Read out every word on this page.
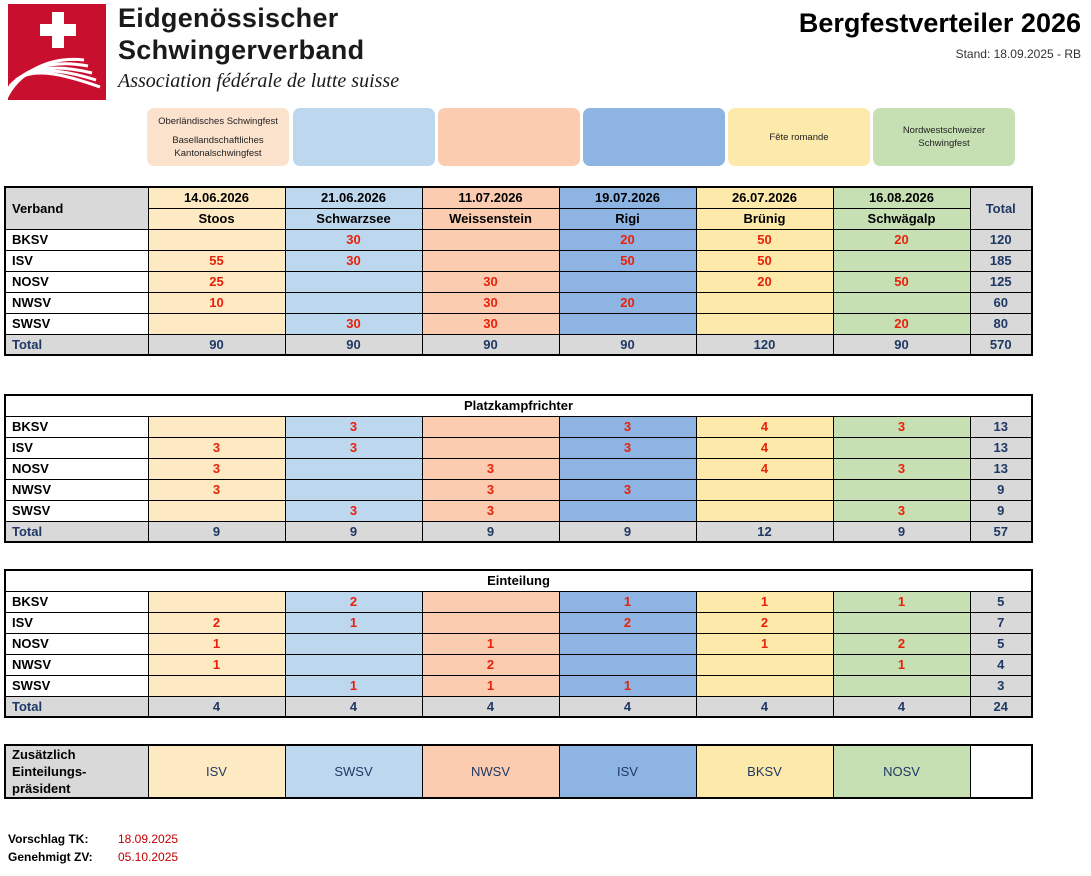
Eidgenössischer
Schwingerverband
Association fédérale de lutte suisse
Bergfestverteiler 2026
Stand: 18.09.2025 - RB
Oberländisches Schwingfest
Basellandschaftliches
Kantonalschwingfest
Fête romande
Nordwestschweizer
Schwingfest
Verband	14.06.2026	21.06.2026	11.07.2026	19.07.2026	26.07.2026	16.08.2026	Total
	Stoos	Schwarzsee	Weissenstein	Rigi	Brünig	Schwägalp	
BKSV		30		20	50	20	120
ISV	55	30		50	50		185
NOSV	25		30		20	50	125
NWSV	10		30	20			60
SWSV		30	30			20	80
Total	90	90	90	90	120	90	570
Platzkampfrichter							
BKSV		3		3	4	3	13
ISV	3	3		3	4		13
NOSV	3		3		4	3	13
NWSV	3		3	3			9
SWSV		3	3			3	9
Total	9	9	9	9	12	9	57
Einteilung							
BKSV		2		1	1	1	5
ISV	2	1		2	2		7
NOSV	1		1		1	2	5
NWSV	1		2			1	4
SWSV		1	1	1			3
Total	4	4	4	4	4	4	24
Zusätzlich
Einteilungs-
präsident	ISV	SWSV	NWSV	ISV	BKSV	NOSV	
Vorschlag TK: 18.09.2025
Genehmigt ZV: 05.10.2025
